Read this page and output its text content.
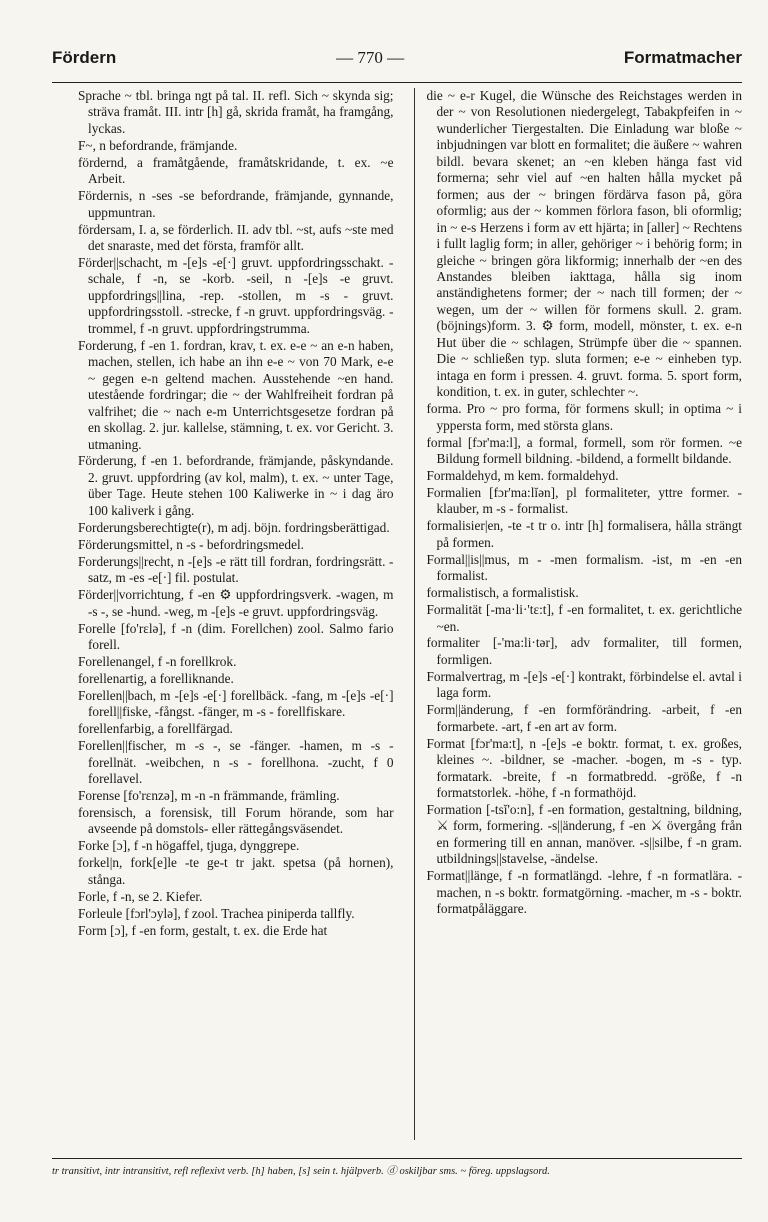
Fördern	— 770 —	Formatmacher

Sprache ~ tbl. bringa ngt på tal. II. refl. Sich ~ skynda sig; sträva framåt. III. intr [h] gå, skrida framåt, ha framgång, lyckas.

F~, n befordrande, främjande.

fördernd, a framåtgående, framåtskridande, t. ex. ~e Arbeit.

Fördernis, n -ses -se befordrande, främjande, gynnande, uppmuntran.

fördersam, I. a, se förderlich. II. adv tbl. ~st, aufs ~ste med det snaraste, med det första, framför allt.

Förder||schacht, m -[e]s -e[·] gruvt. uppfordringsschakt. -schale, f -n, se -korb. -seil, n -[e]s -e gruvt. uppfordrings||lina, -rep. -stollen, m -s - gruvt. uppfordringsstoll. -strecke, f -n gruvt. uppfordringsväg. -trommel, f -n gruvt. uppfordringstrumma.

Forderung, f -en 1. fordran, krav, t. ex. e-e ~ an e-n haben, machen, stellen, ich habe an ihn e-e ~ von 70 Mark, e-e ~ gegen e-n geltend machen. Ausstehende ~en hand. utestående fordringar; die ~ der Wahlfreiheit fordran på valfrihet; die ~ nach e-m Unterrichtsgesetze fordran på en skollag. 2. jur. kallelse, stämning, t. ex. vor Gericht. 3. utmaning.

Förderung, f -en 1. befordrande, främjande, påskyndande. 2. gruvt. uppfordring (av kol, malm), t. ex. ~ unter Tage, über Tage. Heute stehen 100 Kaliwerke in ~ i dag äro 100 kaliverk i gång.

Forderungsberechtigte(r), m adj. böjn. fordringsberättigad.

Förderungsmittel, n -s - befordringsmedel.

Forderungs||recht, n -[e]s -e rätt till fordran, fordringsrätt. -satz, m -es -e[·] fil. postulat.

Förder||vorrichtung, f -en ⚙ uppfordringsverk. -wagen, m -s -, se -hund. -weg, m -[e]s -e gruvt. uppfordringsväg.

Forelle [fo'rɛlə], f -n (dim. Forellchen) zool. Salmo fario forell.

Forellenangel, f -n forellkrok.

forellenartig, a forelliknande.

Forellen||bach, m -[e]s -e[·] forellbäck. -fang, m -[e]s -e[·] forell||fiske, -fångst. -fänger, m -s - forellfiskare.

forellenfarbig, a forellfärgad.

Forellen||fischer, m -s -, se -fänger. -hamen, m -s - forellnät. -weibchen, n -s - forellhona. -zucht, f 0 forellavel.

Forense [fo'rɛnzə], m -n -n främmande, främling.

forensisch, a forensisk, till Forum hörande, som har avseende på domstols- eller rättegångsväsendet.

Forke [ɔ], f -n högaffel, tjuga, dynggrepe.

forkel|n, fork[e]le -te ge-t tr jakt. spetsa (på hornen), stånga.

Forle, f -n, se 2. Kiefer.

Forleule [fɔrl'ɔylə], f zool. Trachea piniperda tallfly.

Form [ɔ], f -en form, gestalt, t. ex. die Erde hat

die ~ e-r Kugel, die Wünsche des Reichstages werden in der ~ von Resolutionen niedergelegt, Tabakpfeifen in ~ wunderlicher Tiergestalten. Die Einladung war bloße ~ inbjudningen var blott en formalitet; die äußere ~ wahren bildl. bevara skenet; an ~en kleben hänga fast vid formerna; sehr viel auf ~en halten hålla mycket på formen; aus der ~ bringen fördärva fason på, göra oformlig; aus der ~ kommen förlora fason, bli oformlig; in ~ e-s Herzens i form av ett hjärta; in [aller] ~ Rechtens i fullt laglig form; in aller, gehöriger ~ i behörig form; in gleiche ~ bringen göra likformig; innerhalb der ~en des Anstandes bleiben iakttaga, hålla sig inom anständighetens former; der ~ nach till formen; der ~ wegen, um der ~ willen för formens skull. 2. gram. (böjnings)form. 3. ⚙ form, modell, mönster, t. ex. e-n Hut über die ~ schlagen, Strümpfe über die ~ spannen. Die ~ schließen typ. sluta formen; e-e ~ einheben typ. intaga en form i pressen. 4. gruvt. forma. 5. sport form, kondition, t. ex. in guter, schlechter ~.

forma. Pro ~ pro forma, för formens skull; in optima ~ i yppersta form, med största glans.

formal [fɔr'ma:l], a formal, formell, som rör formen. ~e Bildung formell bildning. -bildend, a formellt bildande.

Formaldehyd, m kem. formaldehyd.

Formalien [fɔr'ma:lĭən], pl formaliteter, yttre former. -klauber, m -s - formalist.

formalisier|en, -te -t tr o. intr [h] formalisera, hålla strängt på formen.

Formal||is||mus, m - -men formalism. -ist, m -en -en formalist.

formalistisch, a formalistisk.

Formalität [-ma·li·'tɛ:t], f -en formalitet, t. ex. gerichtliche ~en.

formaliter [-'ma:li·tər], adv formaliter, till formen, formligen.

Formalvertrag, m -[e]s -e[·] kontrakt, förbindelse el. avtal i laga form.

Form||änderung, f -en formförändring. -arbeit, f -en formarbete. -art, f -en art av form.

Format [fɔr'ma:t], n -[e]s -e boktr. format, t. ex. großes, kleines ~. -bildner, se -macher. -bogen, m -s - typ. formatark. -breite, f -n formatbredd. -größe, f -n formatstorlek. -höhe, f -n formathöjd.

Formation [-tsĭ'o:n], f -en formation, gestaltning, bildning, ⚔ form, formering. -s||änderung, f -en ⚔ övergång från en formering till en annan, manöver. -s||silbe, f -n gram. utbildnings||stavelse, -ändelse.

Format||länge, f -n formatlängd. -lehre, f -n formatlära. -machen, n -s boktr. formatgörning. -macher, m -s - boktr. formatpåläggare.

tr transitivt, intr intransitivt, refl reflexivt verb. [h] haben, [s] sein t. hjälpverb. ⓓ oskiljbar sms. ~ föreg. uppslagsord.
